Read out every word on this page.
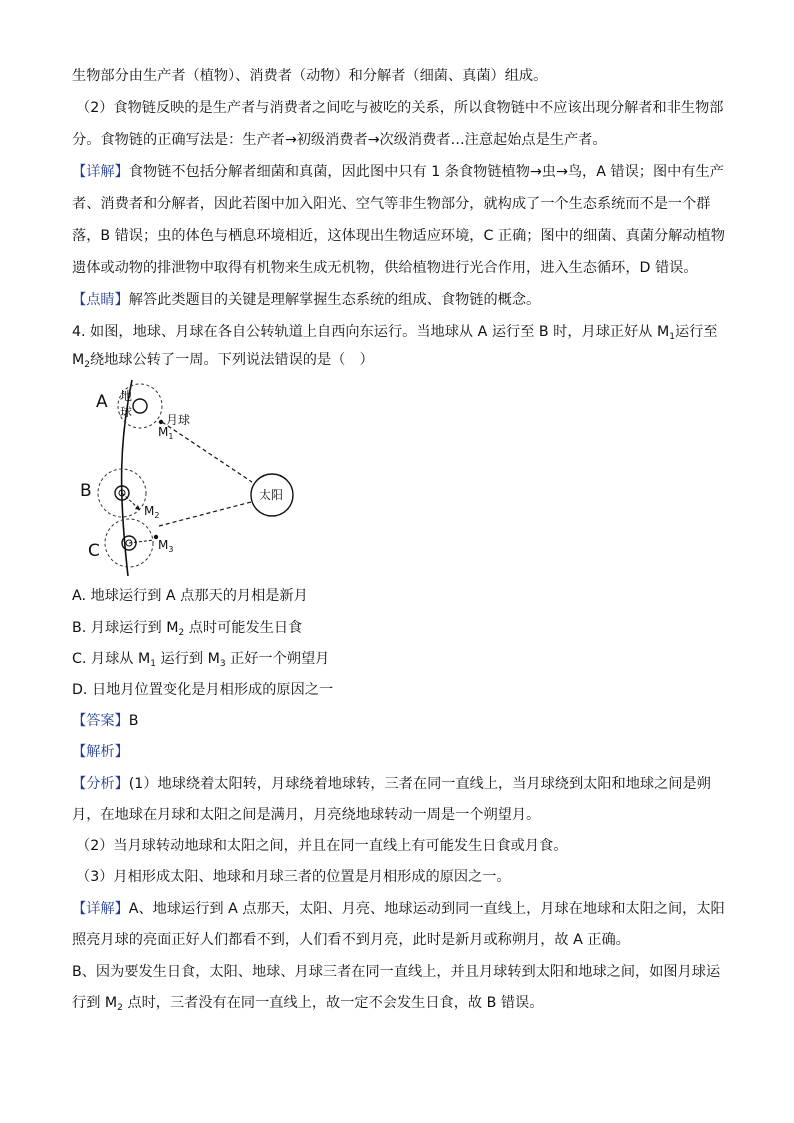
生物部分由生产者（植物）、消费者（动物）和分解者（细菌、真菌）组成。
（2）食物链反映的是生产者与消费者之间吃与被吃的关系，所以食物链中不应该出现分解者和非生物部
分。食物链的正确写法是：生产者→初级消费者→次级消费者…注意起始点是生产者。
【详解】食物链不包括分解者细菌和真菌，因此图中只有 1 条食物链植物→虫→鸟，A 错误；图中有生产
者、消费者和分解者，因此若图中加入阳光、空气等非生物部分，就构成了一个生态系统而不是一个群
落，B 错误；虫的体色与栖息环境相近，这体现出生物适应环境，C 正确；图中的细菌、真菌分解动植物
遗体或动物的排泄物中取得有机物来生成无机物，供给植物进行光合作用，进入生态循环，D 错误。
【点睛】解答此类题目的关键是理解掌握生态系统的组成、食物链的概念。
4. 如图，地球、月球在各自公转轨道上自西向东运行。当地球从 A 运行至 B 时，月球正好从 $M_1$运行至
$M_2$绕地球公转了一周。下列说法错误的是（　）
A
B
C
地
球
月球
$M_1$
$M_2$
$M_3$
太阳
A. 地球运行到 A 点那天的月相是新月
B. 月球运行到 $M_2$ 点时可能发生日食
C. 月球从 $M_1$ 运行到 $M_3$ 正好一个朔望月
D. 日地月位置变化是月相形成的原因之一
【答案】B
【解析】
【分析】(1）地球绕着太阳转，月球绕着地球转，三者在同一直线上，当月球绕到太阳和地球之间是朔
月，在地球在月球和太阳之间是满月，月亮绕地球转动一周是一个朔望月。
（2）当月球转动地球和太阳之间，并且在同一直线上有可能发生日食或月食。
（3）月相形成太阳、地球和月球三者的位置是月相形成的原因之一。
【详解】A、地球运行到 A 点那天，太阳、月亮、地球运动到同一直线上，月球在地球和太阳之间，太阳
照亮月球的亮面正好人们都看不到，人们看不到月亮，此时是新月或称朔月，故 A 正确。
B、因为要发生日食，太阳、地球、月球三者在同一直线上，并且月球转到太阳和地球之间，如图月球运
行到 $M_2$ 点时，三者没有在同一直线上，故一定不会发生日食，故 B 错误。
